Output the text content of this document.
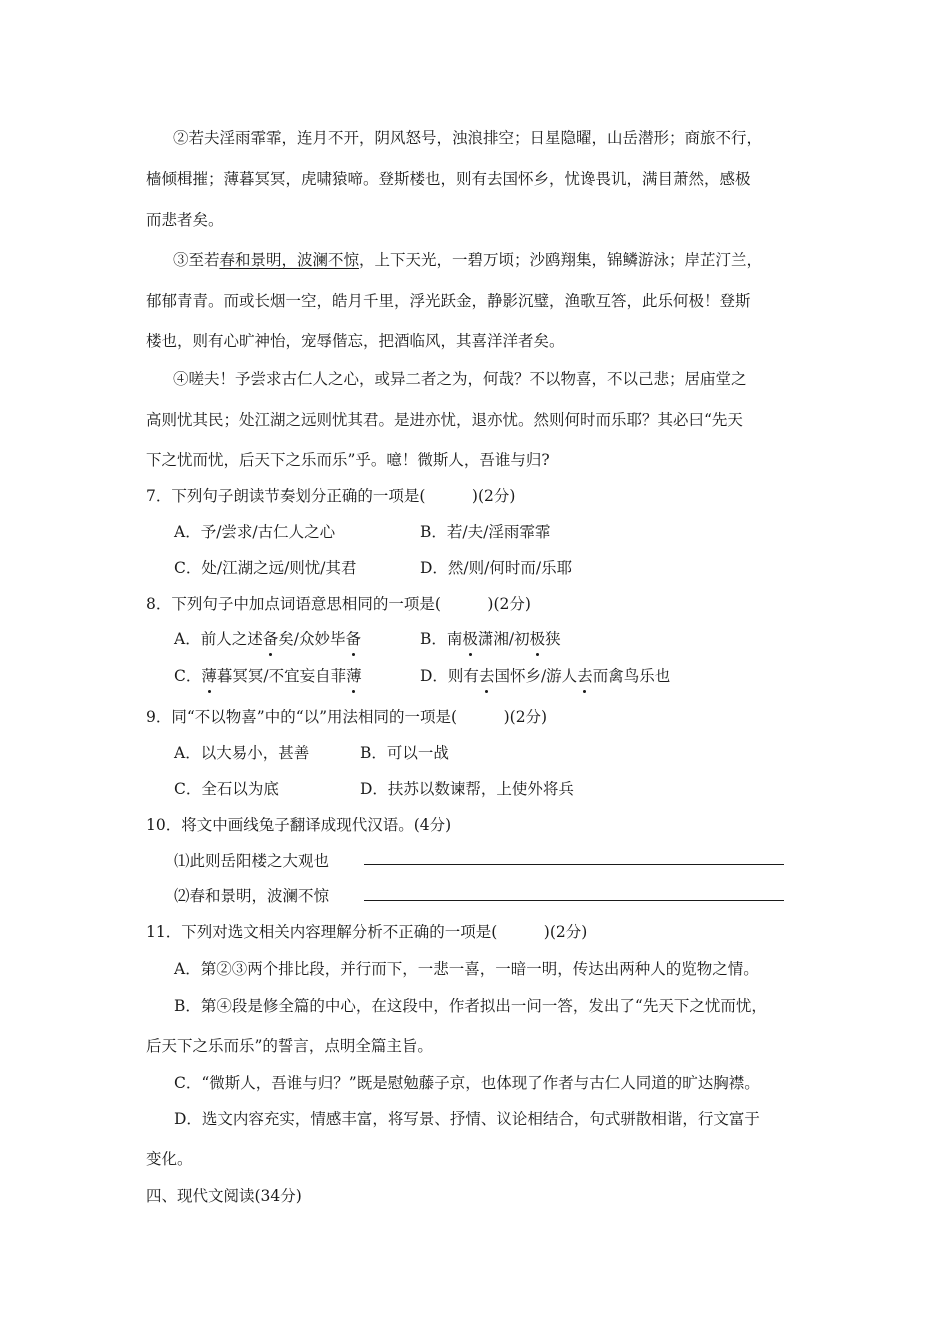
②若夫淫雨霏霏，连月不开，阴风怒号，浊浪排空；日星隐曜，山岳潜形；商旅不行，
樯倾楫摧；薄暮冥冥，虎啸猿啼。登斯楼也，则有去国怀乡，忧谗畏讥，满目萧然，感极
而悲者矣。
③至若春和景明，波澜不惊，上下天光，一碧万顷；沙鸥翔集，锦鳞游泳；岸芷汀兰，
郁郁青青。而或长烟一空，皓月千里，浮光跃金，静影沉璧，渔歌互答，此乐何极！登斯
楼也，则有心旷神怡，宠辱偕忘，把酒临风，其喜洋洋者矣。
④嗟夫！予尝求古仁人之心，或异二者之为，何哉？不以物喜，不以己悲；居庙堂之
高则忧其民；处江湖之远则忧其君。是进亦忧，退亦忧。然则何时而乐耶？其必曰“先天
下之忧而忧，后天下之乐而乐”乎。噫！微斯人，吾谁与归?
7．下列句子朗读节奏划分正确的一项是(　　　)(2分)
A．予/尝求/古仁人之心	B．若/夫/淫雨霏霏
C．处/江湖之远/则忧/其君	D．然/则/何时而/乐耶
8．下列句子中加点词语意思相同的一项是(　　　)(2分)
A．前人之述备矣/众妙毕备	B．南极潇湘/初极狭
C．薄暮冥冥/不宜妄自菲薄	D．则有去国怀乡/游人去而禽鸟乐也
9．同“不以物喜”中的“以”用法相同的一项是(　　　)(2分)
A．以大易小，甚善	B．可以一战
C．全石以为底	D．扶苏以数谏帮，上使外将兵
10．将文中画线兔子翻译成现代汉语。(4分)
⑴此则岳阳楼之大观也
⑵春和景明，波澜不惊
11．下列对选文相关内容理解分析不正确的一项是(　　　)(2分)
A．第②③两个排比段，并行而下，一悲一喜，一暗一明，传达出两种人的览物之情。
B．第④段是修全篇的中心，在这段中，作者拟出一问一答，发出了“先天下之忧而忧，
后天下之乐而乐”的誓言，点明全篇主旨。
C．“微斯人，吾谁与归？”既是慰勉藤子京，也体现了作者与古仁人同道的旷达胸襟。
D．选文内容充实，情感丰富，将写景、抒情、议论相结合，句式骈散相谐，行文富于
变化。
四、现代文阅读(34分)
